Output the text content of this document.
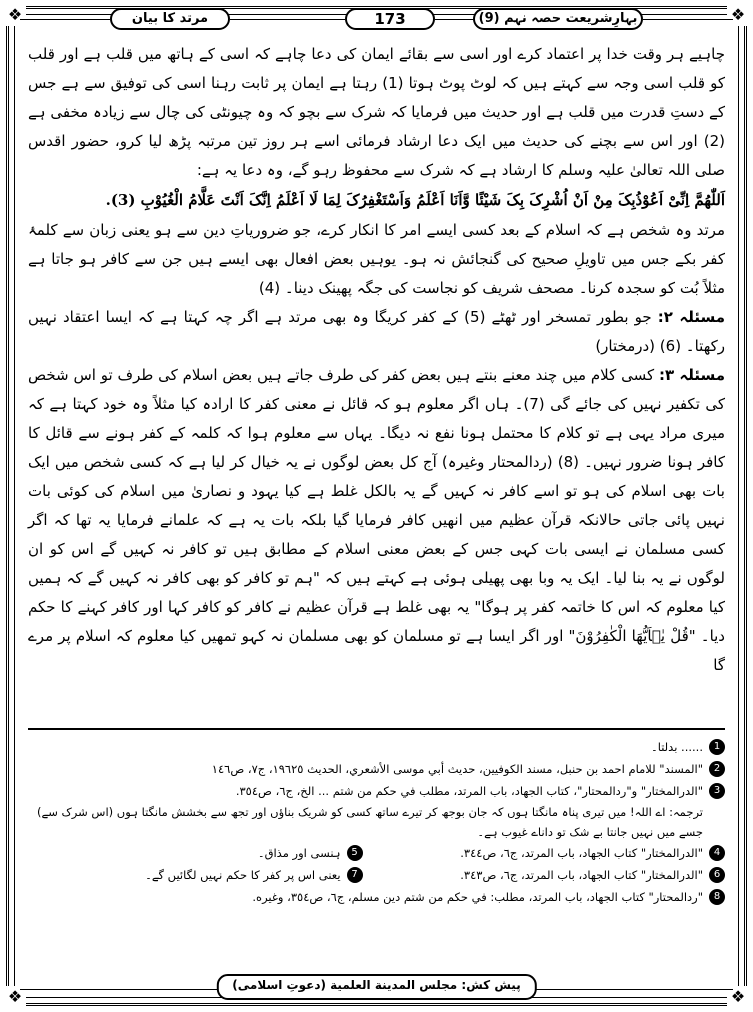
❖	❖
❖	❖
مرتد کا بیان	173	بہارِشریعت حصہ نہم (9)

چاہیے ہر وقت خدا پر اعتماد کرے اور اسی سے بقائے ایمان کی دعا چاہے کہ اسی کے ہاتھ میں قلب ہے اور قلب کو قلب اسی وجہ سے کہتے ہیں کہ لوٹ پوٹ ہوتا (1) رہتا ہے ایمان پر ثابت رہنا اسی کی توفیق سے ہے جس کے دستِ قدرت میں قلب ہے اور حدیث میں فرمایا کہ شرک سے بچو کہ وہ چیونٹی کی چال سے زیادہ مخفی ہے (2) اور اس سے بچنے کی حدیث میں ایک دعا ارشاد فرمائی اسے ہر روز تین مرتبہ پڑھ لیا کرو، حضور اقدس صلی اللہ تعالیٰ علیہ وسلم کا ارشاد ہے کہ شرک سے محفوظ رہو گے، وہ دعا یہ ہے:

اَللّٰھُمَّ اِنِّیْ اَعُوْذُبِکَ مِنْ اَنْ اُشْرِکَ بِکَ شَیْئًا وَّاَنَا اَعْلَمُ وَاَسْتَغْفِرُکَ لِمَا لَا اَعْلَمُ اِنَّکَ اَنْتَ عَلَّامُ الْغُیُوْبِ (3).

مرتد وہ شخص ہے کہ اسلام کے بعد کسی ایسے امر کا انکار کرے، جو ضروریاتِ دین سے ہو یعنی زبان سے کلمۂ کفر بکے جس میں تاویلِ صحیح کی گنجائش نہ ہو۔ یوہیں بعض افعال بھی ایسے ہیں جن سے کافر ہو جاتا ہے مثلاً بُت کو سجدہ کرنا۔ مصحف شریف کو نجاست کی جگہ پھینک دینا۔ (4)

مسئلہ ۲: جو بطور تمسخر اور ٹھٹے (5) کے کفر کریگا وہ بھی مرتد ہے اگر چہ کہتا ہے کہ ایسا اعتقاد نہیں رکھتا۔ (6) (درمختار)

مسئلہ ۳: کسی کلام میں چند معنے بنتے ہیں بعض کفر کی طرف جاتے ہیں بعض اسلام کی طرف تو اس شخص کی تکفیر نہیں کی جائے گی (7)۔ ہاں اگر معلوم ہو کہ قائل نے معنی کفر کا ارادہ کیا مثلاً وہ خود کہتا ہے کہ میری مراد یہی ہے تو کلام کا محتمل ہونا نفع نہ دیگا۔ یہاں سے معلوم ہوا کہ کلمہ کے کفر ہونے سے قائل کا کافر ہونا ضرور نہیں۔ (8) (ردالمحتار وغیرہ) آج کل بعض لوگوں نے یہ خیال کر لیا ہے کہ کسی شخص میں ایک بات بھی اسلام کی ہو تو اسے کافر نہ کہیں گے یہ بالکل غلط ہے کیا یہود و نصاریٰ میں اسلام کی کوئی بات نہیں پائی جاتی حالانکہ قرآن عظیم میں انھیں کافر فرمایا گیا بلکہ بات یہ ہے کہ علمانے فرمایا یہ تھا کہ اگر کسی مسلمان نے ایسی بات کہی جس کے بعض معنی اسلام کے مطابق ہیں تو کافر نہ کہیں گے اس کو ان لوگوں نے یہ بنا لیا۔ ایک یہ وبا بھی پھیلی ہوئی ہے کہتے ہیں کہ "ہم تو کافر کو بھی کافر نہ کہیں گے کہ ہمیں کیا معلوم کہ اس کا خاتمہ کفر پر ہوگا" یہ بھی غلط ہے قرآن عظیم نے کافر کو کافر کہا اور کافر کہنے کا حکم دیا۔ "قُلْ یٰۤاَیُّهَا الْكٰفِرُوْنَ" اور اگر ایسا ہے تو مسلمان کو بھی مسلمان نہ کہو تمھیں کیا معلوم کہ اسلام پر مرے گا

1
...... بدلتا۔
2
"المسند" للامام احمد بن حنبل، مسند الكوفيين، حديث أبي موسى الأشعري، الحديث ١٩٦٢٥، ج٧، ص١٤٦
3
"الدرالمختار" و"ردالمحتار"، كتاب الجهاد، باب المرتد، مطلب في حكم من شتم ... الخ، ج٦، ص٣٥٤.
ترجمہ: اے اللہ! میں تیری پناہ مانگتا ہوں کہ جان بوجھ کر تیرے ساتھ کسی کو شریک بناؤں اور تجھ سے بخشش مانگتا ہوں (اس شرک سے) جسے میں نہیں جانتا بے شک تو داناے غیوب ہے۔
4
"الدرالمختار" كتاب الجهاد، باب المرتد، ج٦، ص٣٤٤.
5
ہنسی اور مذاق۔
6
"الدرالمختار" كتاب الجهاد، باب المرتد، ج٦، ص٣٤٣.
7
یعنی اس پر کفر کا حکم نہیں لگائیں گے۔
8
"ردالمحتار" كتاب الجهاد، باب المرتد، مطلب: في حكم من شتم دين مسلم، ج٦، ص٣٥٤، وغيره.
پیش کش: مجلس المدينة العلمية (دعوتِ اسلامی)
